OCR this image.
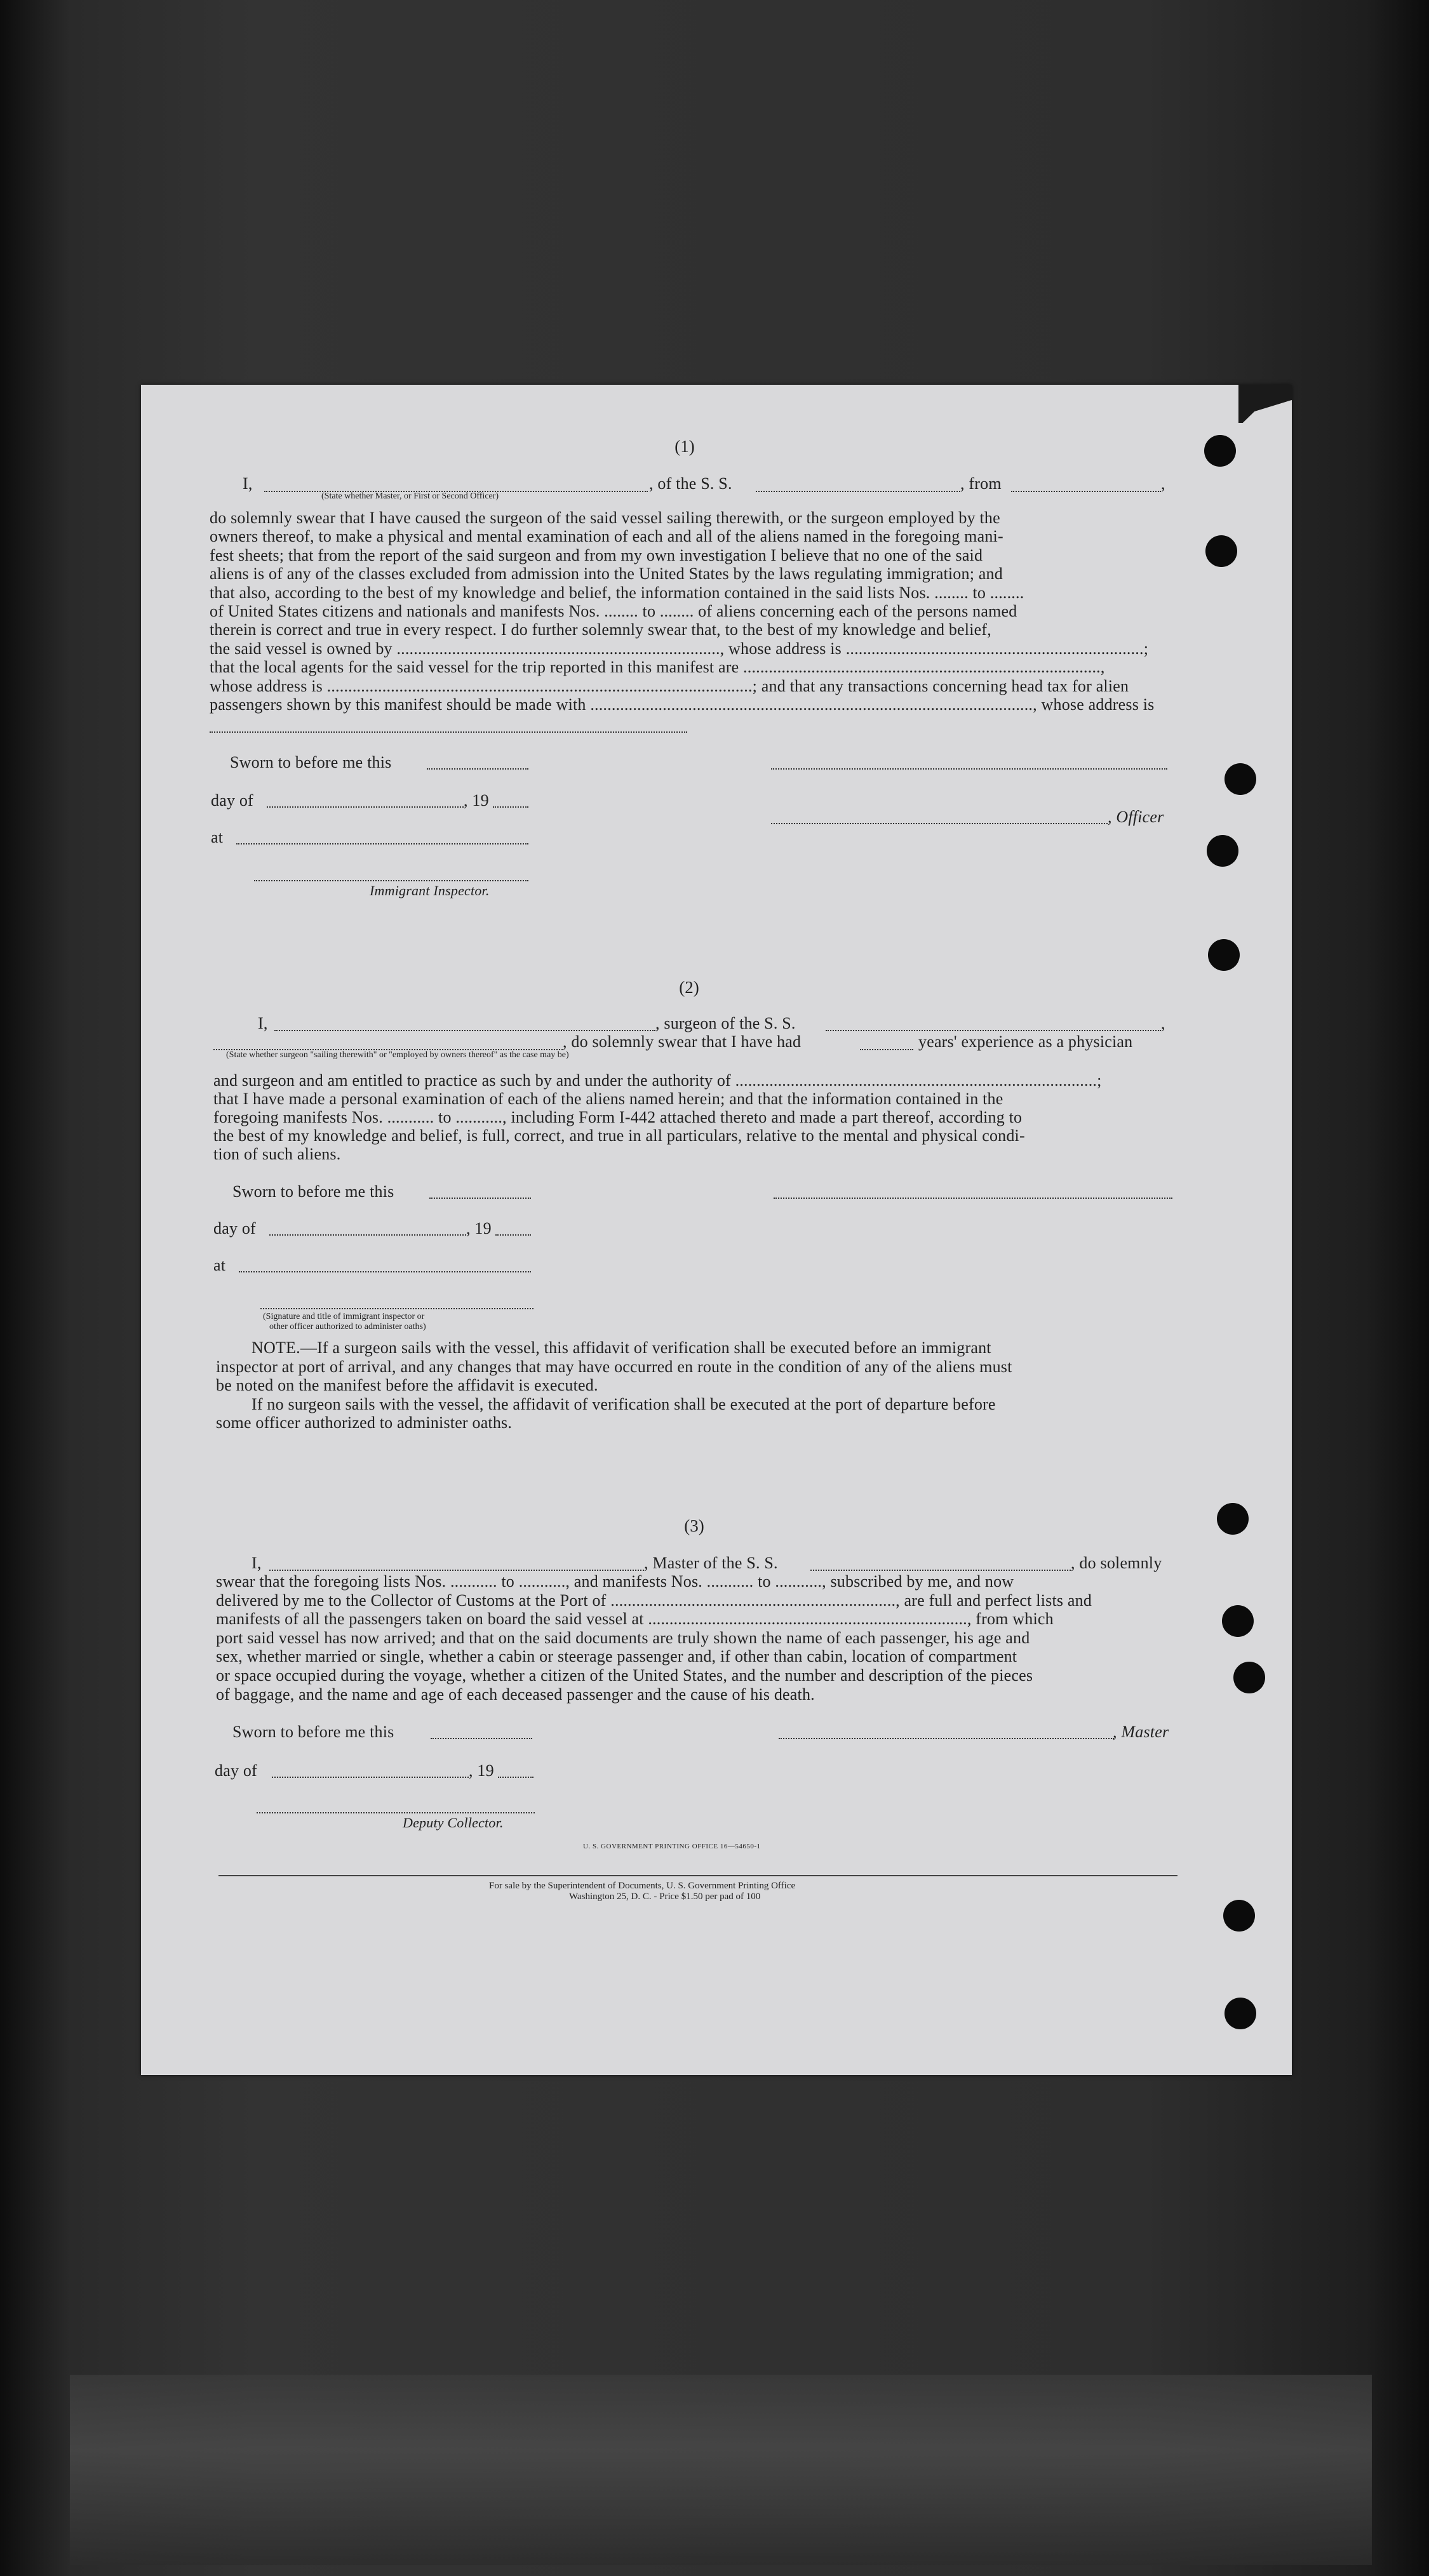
(1)
I,	, of the S. S.	, from	,
(State whether Master, or First or Second Officer)
do solemnly swear that I have caused the surgeon of the said vessel sailing therewith, or the surgeon employed by the
owners thereof, to make a physical and mental examination of each and all of the aliens named in the foregoing mani-
fest sheets; that from the report of the said surgeon and from my own investigation I believe that no one of the said
aliens is of any of the classes excluded from admission into the United States by the laws regulating immigration; and
that also, according to the best of my knowledge and belief, the information contained in the said lists Nos. ........ to ........
of United States citizens and nationals and manifests Nos. ........ to ........ of aliens concerning each of the persons named
therein is correct and true in every respect. I do further solemnly swear that, to the best of my knowledge and belief,
the said vessel is owned by ............................................................................, whose address is ......................................................................;
that the local agents for the said vessel for the trip reported in this manifest are ....................................................................................,
whose address is ....................................................................................................; and that any transactions concerning head tax for alien
passengers shown by this manifest should be made with ........................................................................................................, whose address is
Sworn to before me this
day of	, 19
, Officer
at
Immigrant Inspector.
(2)
I,	, surgeon of the S. S.	,
, do solemnly swear that I have had	years' experience as a physician
(State whether surgeon "sailing therewith" or "employed by owners thereof" as the case may be)
and surgeon and am entitled to practice as such by and under the authority of .....................................................................................;
that I have made a personal examination of each of the aliens named herein; and that the information contained in the
foregoing manifests Nos. ........... to ..........., including Form I-442 attached thereto and made a part thereof, according to
the best of my knowledge and belief, is full, correct, and true in all particulars, relative to the mental and physical condi-
tion of such aliens.
Sworn to before me this
day of	, 19
at
(Signature and title of immigrant inspector or
other officer authorized to administer oaths)
NOTE.—If a surgeon sails with the vessel, this affidavit of verification shall be executed before an immigrant
inspector at port of arrival, and any changes that may have occurred en route in the condition of any of the aliens must
be noted on the manifest before the affidavit is executed.
If no surgeon sails with the vessel, the affidavit of verification shall be executed at the port of departure before
some officer authorized to administer oaths.
(3)
I,	, Master of the S. S.	, do solemnly
swear that the foregoing lists Nos. ........... to ..........., and manifests Nos. ........... to ..........., subscribed by me, and now
delivered by me to the Collector of Customs at the Port of ..................................................................., are full and perfect lists and
manifests of all the passengers taken on board the said vessel at ..........................................................................., from which
port said vessel has now arrived; and that on the said documents are truly shown the name of each passenger, his age and
sex, whether married or single, whether a cabin or steerage passenger and, if other than cabin, location of compartment
or space occupied during the voyage, whether a citizen of the United States, and the number and description of the pieces
of baggage, and the name and age of each deceased passenger and the cause of his death.
Sworn to before me this	, Master
day of	, 19
Deputy Collector.
U. S. GOVERNMENT PRINTING OFFICE 16—54650-1
For sale by the Superintendent of Documents, U. S. Government Printing Office
Washington 25, D. C. - Price $1.50 per pad of 100
